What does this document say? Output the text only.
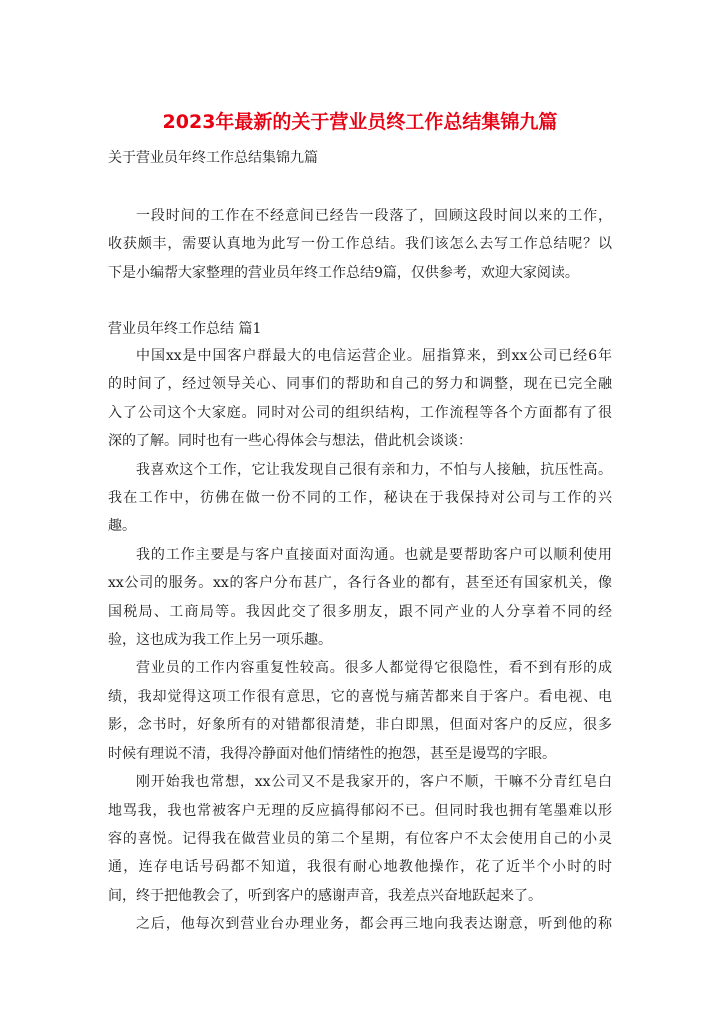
2023年最新的关于营业员终工作总结集锦九篇
关于营业员年终工作总结集锦九篇
一段时间的工作在不经意间已经告一段落了，回顾这段时间以来的工作，
收获颇丰，需要认真地为此写一份工作总结。我们该怎么去写工作总结呢？以
下是小编帮大家整理的营业员年终工作总结9篇，仅供参考，欢迎大家阅读。
营业员年终工作总结 篇1
中国xx是中国客户群最大的电信运营企业。屈指算来，到xx公司已经6年
的时间了，经过领导关心、同事们的帮助和自己的努力和调整，现在已完全融
入了公司这个大家庭。同时对公司的组织结构，工作流程等各个方面都有了很
深的了解。同时也有一些心得体会与想法，借此机会谈谈：
我喜欢这个工作，它让我发现自己很有亲和力，不怕与人接触，抗压性高。
我在工作中，彷佛在做一份不同的工作，秘诀在于我保持对公司与工作的兴
趣。
我的工作主要是与客户直接面对面沟通。也就是要帮助客户可以顺利使用
xx公司的服务。xx的客户分布甚广，各行各业的都有，甚至还有国家机关，像
国税局、工商局等。我因此交了很多朋友，跟不同产业的人分享着不同的经
验，这也成为我工作上另一项乐趣。
营业员的工作内容重复性较高。很多人都觉得它很隐性，看不到有形的成
绩，我却觉得这项工作很有意思，它的喜悦与痛苦都来自于客户。看电视、电
影，念书时，好象所有的对错都很清楚，非白即黑，但面对客户的反应，很多
时候有理说不清，我得冷静面对他们情绪性的抱怨，甚至是谩骂的字眼。
刚开始我也常想，xx公司又不是我家开的，客户不顺，干嘛不分青红皂白
地骂我，我也常被客户无理的反应搞得郁闷不已。但同时我也拥有笔墨难以形
容的喜悦。记得我在做营业员的第二个星期，有位客户不太会使用自己的小灵
通，连存电话号码都不知道，我很有耐心地教他操作，花了近半个小时的时
间，终于把他教会了，听到客户的感谢声音，我差点兴奋地跃起来了。
之后，他每次到营业台办理业务，都会再三地向我表达谢意，听到他的称
